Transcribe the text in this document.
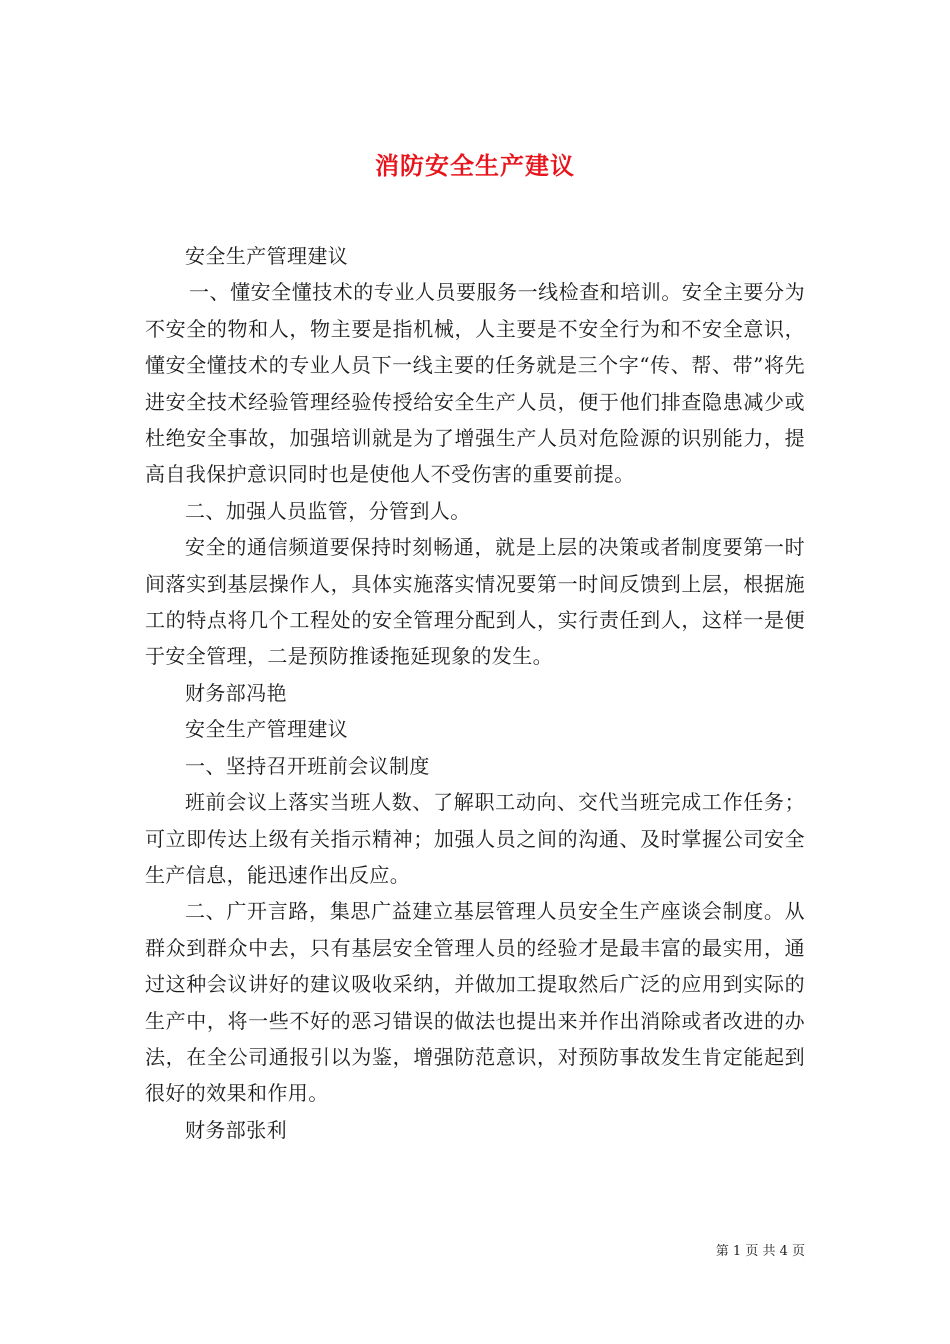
消防安全生产建议

安全生产管理建议

一、懂安全懂技术的专业人员要服务一线检查和培训。安全主要分为不安全的物和人，物主要是指机械，人主要是不安全行为和不安全意识，懂安全懂技术的专业人员下一线主要的任务就是三个字“传、帮、带”将先进安全技术经验管理经验传授给安全生产人员，便于他们排查隐患减少或杜绝安全事故，加强培训就是为了增强生产人员对危险源的识别能力，提高自我保护意识同时也是使他人不受伤害的重要前提。

二、加强人员监管，分管到人。

安全的通信频道要保持时刻畅通，就是上层的决策或者制度要第一时间落实到基层操作人，具体实施落实情况要第一时间反馈到上层，根据施工的特点将几个工程处的安全管理分配到人，实行责任到人，这样一是便于安全管理，二是预防推诿拖延现象的发生。

财务部冯艳

安全生产管理建议

一、坚持召开班前会议制度

班前会议上落实当班人数、了解职工动向、交代当班完成工作任务；可立即传达上级有关指示精神；加强人员之间的沟通、及时掌握公司安全生产信息，能迅速作出反应。

二、广开言路，集思广益建立基层管理人员安全生产座谈会制度。从群众到群众中去，只有基层安全管理人员的经验才是最丰富的最实用，通过这种会议讲好的建议吸收采纳，并做加工提取然后广泛的应用到实际的生产中，将一些不好的恶习错误的做法也提出来并作出消除或者改进的办法，在全公司通报引以为鉴，增强防范意识，对预防事故发生肯定能起到很好的效果和作用。

财务部张利

第 1 页 共 4 页
